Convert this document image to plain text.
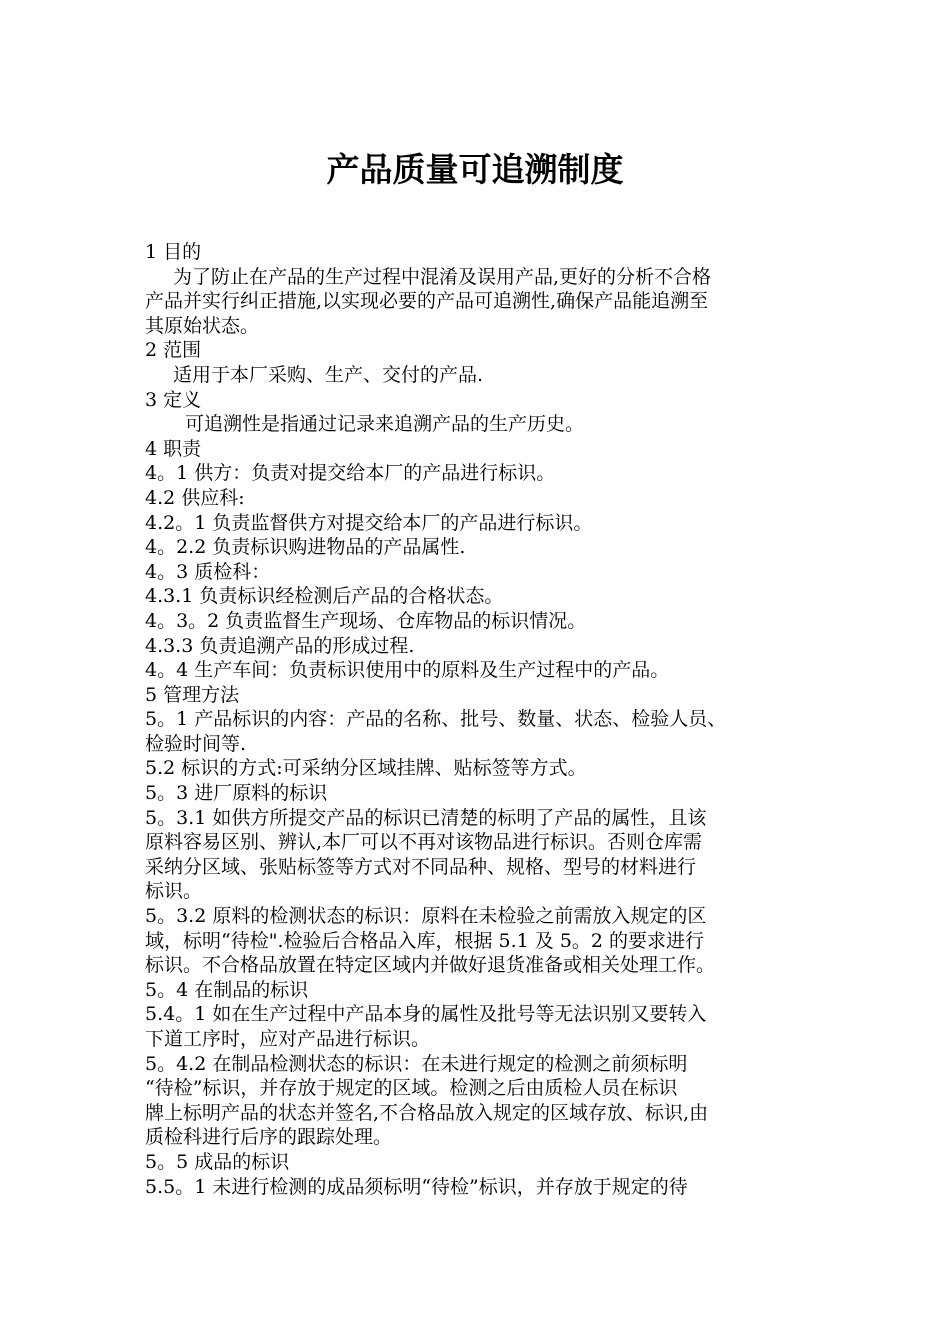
产品质量可追溯制度
1 目的
为了防止在产品的生产过程中混淆及误用产品,更好的分析不合格
产品并实行纠正措施,以实现必要的产品可追溯性,确保产品能追溯至
其原始状态。
2 范围
适用于本厂采购、生产、交付的产品.
3 定义
可追溯性是指通过记录来追溯产品的生产历史。
4 职责
4。1 供方：负责对提交给本厂的产品进行标识。
4.2 供应科:
4.2。1 负责监督供方对提交给本厂的产品进行标识。
4。2.2 负责标识购进物品的产品属性.
4。3 质检科：
4.3.1 负责标识经检测后产品的合格状态。
4。3。2 负责监督生产现场、仓库物品的标识情况。
4.3.3 负责追溯产品的形成过程.
4。4 生产车间：负责标识使用中的原料及生产过程中的产品。
5 管理方法
5。1 产品标识的内容：产品的名称、批号、数量、状态、检验人员、
检验时间等.
5.2 标识的方式:可采纳分区域挂牌、贴标签等方式。
5。3 进厂原料的标识
5。3.1 如供方所提交产品的标识已清楚的标明了产品的属性，且该
原料容易区别、辨认,本厂可以不再对该物品进行标识。否则仓库需
采纳分区域、张贴标签等方式对不同品种、规格、型号的材料进行
标识。
5。3.2 原料的检测状态的标识：原料在未检验之前需放入规定的区
域，标明“待检".检验后合格品入库，根据 5.1 及 5。2 的要求进行
标识。不合格品放置在特定区域内并做好退货准备或相关处理工作。
5。4 在制品的标识
5.4。1 如在生产过程中产品本身的属性及批号等无法识别又要转入
下道工序时，应对产品进行标识。
5。4.2 在制品检测状态的标识：在未进行规定的检测之前须标明
“待检”标识，并存放于规定的区域。检测之后由质检人员在标识
牌上标明产品的状态并签名,不合格品放入规定的区域存放、标识,由
质检科进行后序的跟踪处理。
5。5 成品的标识
5.5。1 未进行检测的成品须标明“待检”标识，并存放于规定的待
